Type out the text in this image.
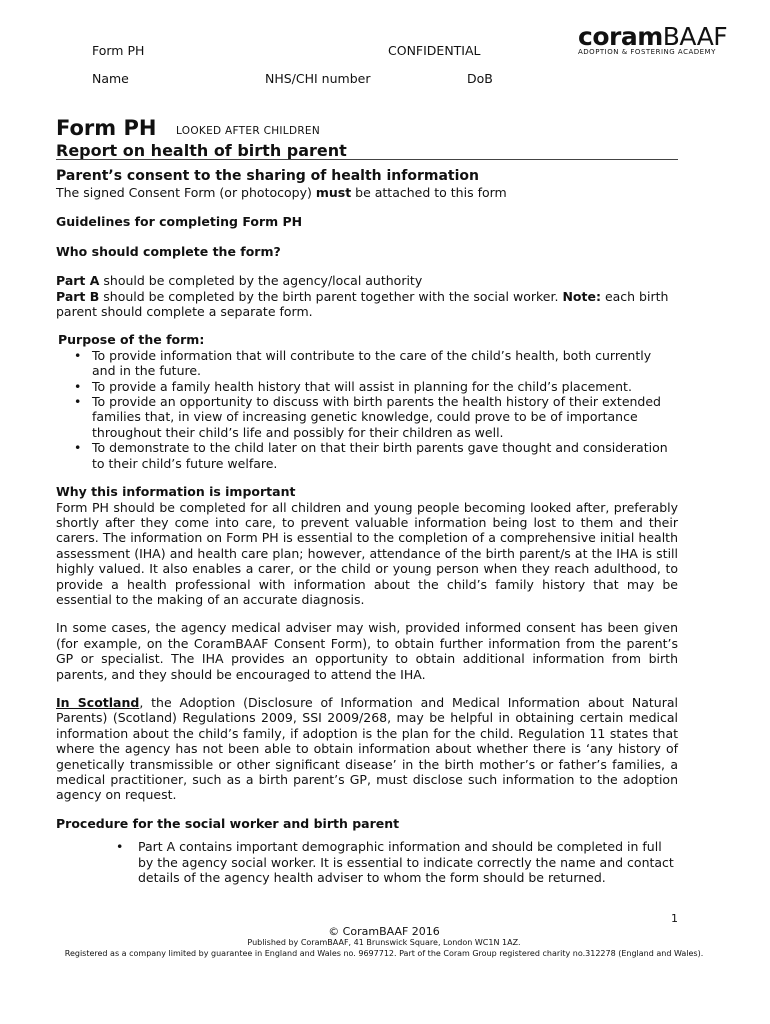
Form PH	CONFIDENTIAL
Name	NHS/CHI number	DoB
coramBAAF
ADOPTION & FOSTERING ACADEMY
Form PH LOOKED AFTER CHILDREN
Report on health of birth parent

Parent’s consent to the sharing of health information

The signed Consent Form (or photocopy) must be attached to this form

Guidelines for completing Form PH

Who should complete the form?

Part A should be completed by the agency/local authority

Part B should be completed by the birth parent together with the social worker. Note: each birth parent should complete a separate form.

Purpose of the form:

• To provide information that will contribute to the care of the child’s health, both currently and in the future.
• To provide a family health history that will assist in planning for the child’s placement.
• To provide an opportunity to discuss with birth parents the health history of their extended families that, in view of increasing genetic knowledge, could prove to be of importance throughout their child’s life and possibly for their children as well.
• To demonstrate to the child later on that their birth parents gave thought and consideration to their child’s future welfare.

Why this information is important

Form PH should be completed for all children and young people becoming looked after, preferably shortly after they come into care, to prevent valuable information being lost to them and their carers. The information on Form PH is essential to the completion of a comprehensive initial health assessment (IHA) and health care plan; however, attendance of the birth parent/s at the IHA is still highly valued. It also enables a carer, or the child or young person when they reach adulthood, to provide a health professional with information about the child’s family history that may be essential to the making of an accurate diagnosis.

In some cases, the agency medical adviser may wish, provided informed consent has been given (for example, on the CoramBAAF Consent Form), to obtain further information from the parent’s GP or specialist. The IHA provides an opportunity to obtain additional information from birth parents, and they should be encouraged to attend the IHA.

In Scotland, the Adoption (Disclosure of Information and Medical Information about Natural Parents) (Scotland) Regulations 2009, SSI 2009/268, may be helpful in obtaining certain medical information about the child’s family, if adoption is the plan for the child. Regulation 11 states that where the agency has not been able to obtain information about whether there is ‘any history of genetically transmissible or other significant disease’ in the birth mother’s or father’s families, a medical practitioner, such as a birth parent’s GP, must disclose such information to the adoption agency on request.

Procedure for the social worker and birth parent

• Part A contains important demographic information and should be completed in full by the agency social worker. It is essential to indicate correctly the name and contact details of the agency health adviser to whom the form should be returned.
1
© CoramBAAF 2016
Published by CoramBAAF, 41 Brunswick Square, London WC1N 1AZ.
Registered as a company limited by guarantee in England and Wales no. 9697712. Part of the Coram Group registered charity no.312278 (England and Wales).
